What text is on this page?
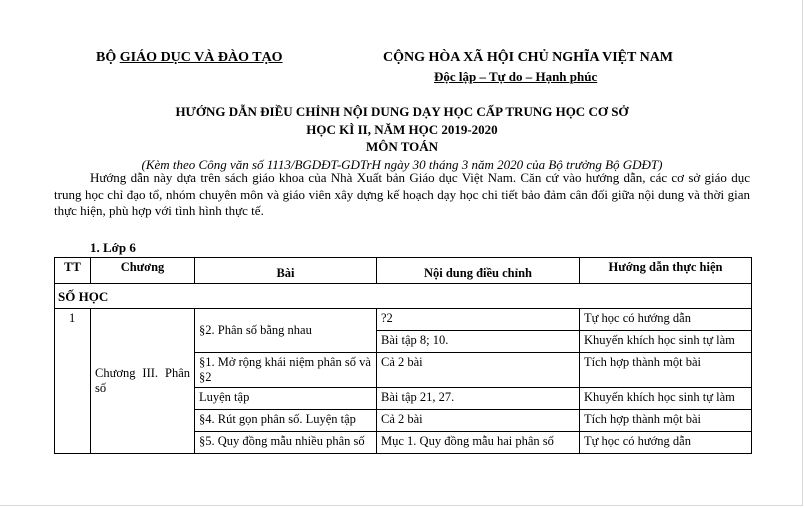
BỘ GIÁO DỤC VÀ ĐÀO TẠO	CỘNG HÒA XÃ HỘI CHỦ NGHĨA VIỆT NAM
Độc lập – Tự do – Hạnh phúc
HƯỚNG DẪN ĐIỀU CHỈNH NỘI DUNG DẠY HỌC CẤP TRUNG HỌC CƠ SỞ
HỌC KÌ II, NĂM HỌC 2019-2020
MÔN TOÁN
(Kèm theo Công văn số 1113/BGDĐT-GDTrH ngày 30 tháng 3 năm 2020 của Bộ trưởng Bộ GDĐT)
Hướng dẫn này dựa trên sách giáo khoa của Nhà Xuất bản Giáo dục Việt Nam. Căn cứ vào hướng dẫn, các cơ sở giáo dục trung học chỉ đạo tổ, nhóm chuyên môn và giáo viên xây dựng kế hoạch dạy học chi tiết bảo đảm cân đối giữa nội dung và thời gian thực hiện, phù hợp với tình hình thực tế.
1. Lớp 6
TT	Chương	Bài	Nội dung điều chỉnh	Hướng dẫn thực hiện
SỐ HỌC				
1	Chương III. Phân số	§2. Phân số bằng nhau	?2	Tự học có hướng dẫn
			Bài tập 8; 10.	Khuyến khích học sinh tự làm
		§1. Mở rộng khái niệm phân số và §2	Cả 2 bài	Tích hợp thành một bài
		Luyện tập	Bài tập 21, 27.	Khuyến khích học sinh tự làm
		§4. Rút gọn phân số. Luyện tập	Cả 2 bài	Tích hợp thành một bài
		§5. Quy đồng mẫu nhiều phân số	Mục 1. Quy đồng mẫu hai phân số	Tự học có hướng dẫn
